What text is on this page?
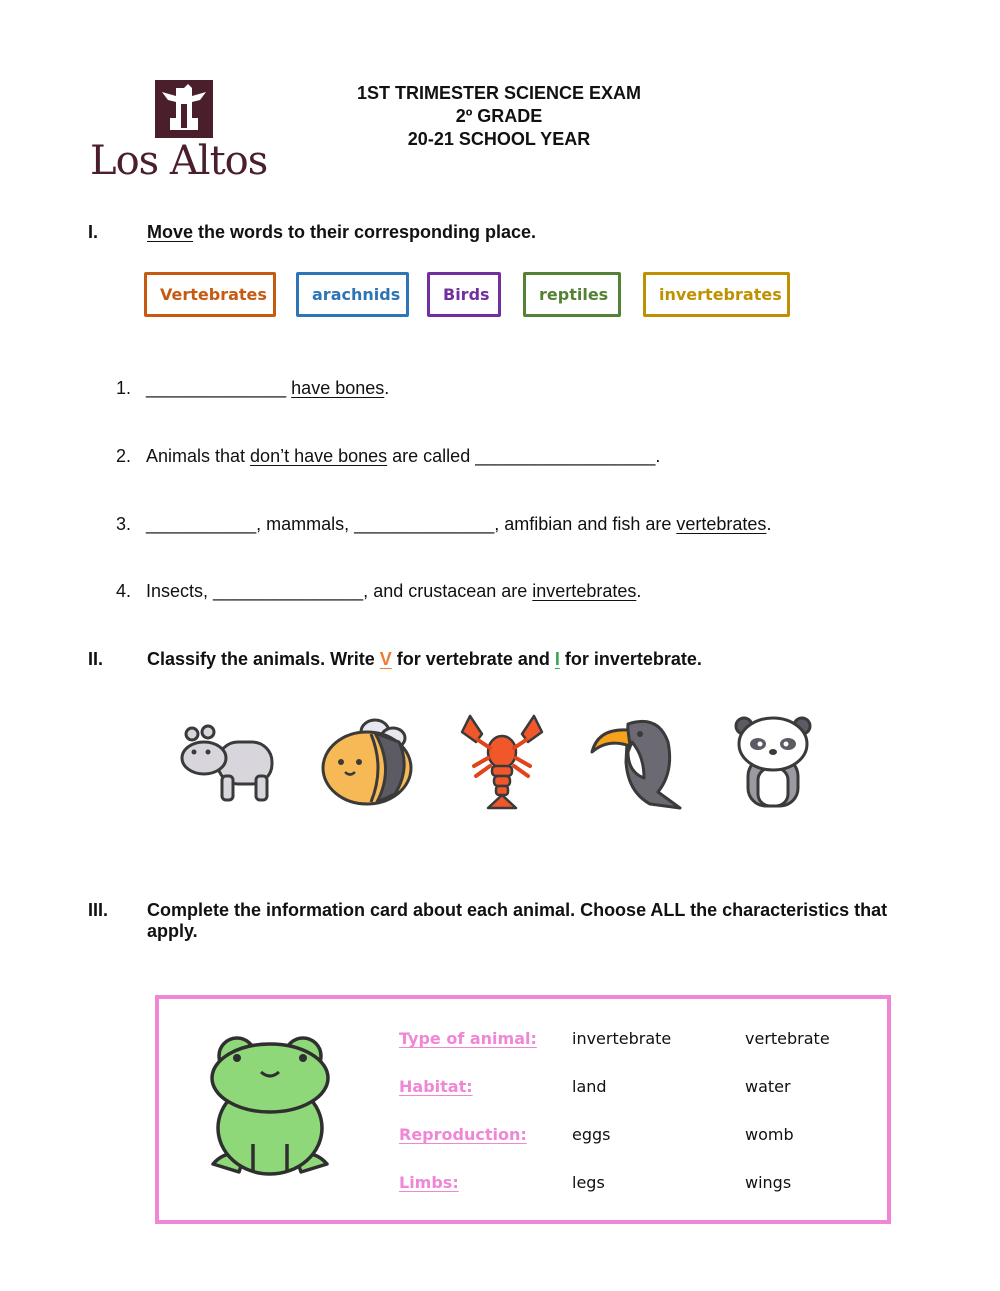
Los Altos
1ST TRIMESTER SCIENCE EXAM
2º GRADE
20-21 SCHOOL YEAR
I.	Move the words to their corresponding place.
Vertebrates	arachnids	Birds	reptiles	invertebrates
1. ______________ have bones.
2. Animals that don’t have bones are called __________________.
3. ___________, mammals, ______________, amfibian and fish are vertebrates.
4. Insects, _______________, and crustacean are invertebrates.
II. Classify the animals. Write V for vertebrate and I for invertebrate.
III. Complete the information card about each animal. Choose ALL the characteristics that
apply.
Type of animal: invertebrate	vertebrate
Habitat:	land	water
Reproduction:	eggs	womb
Limbs:	legs	wings
